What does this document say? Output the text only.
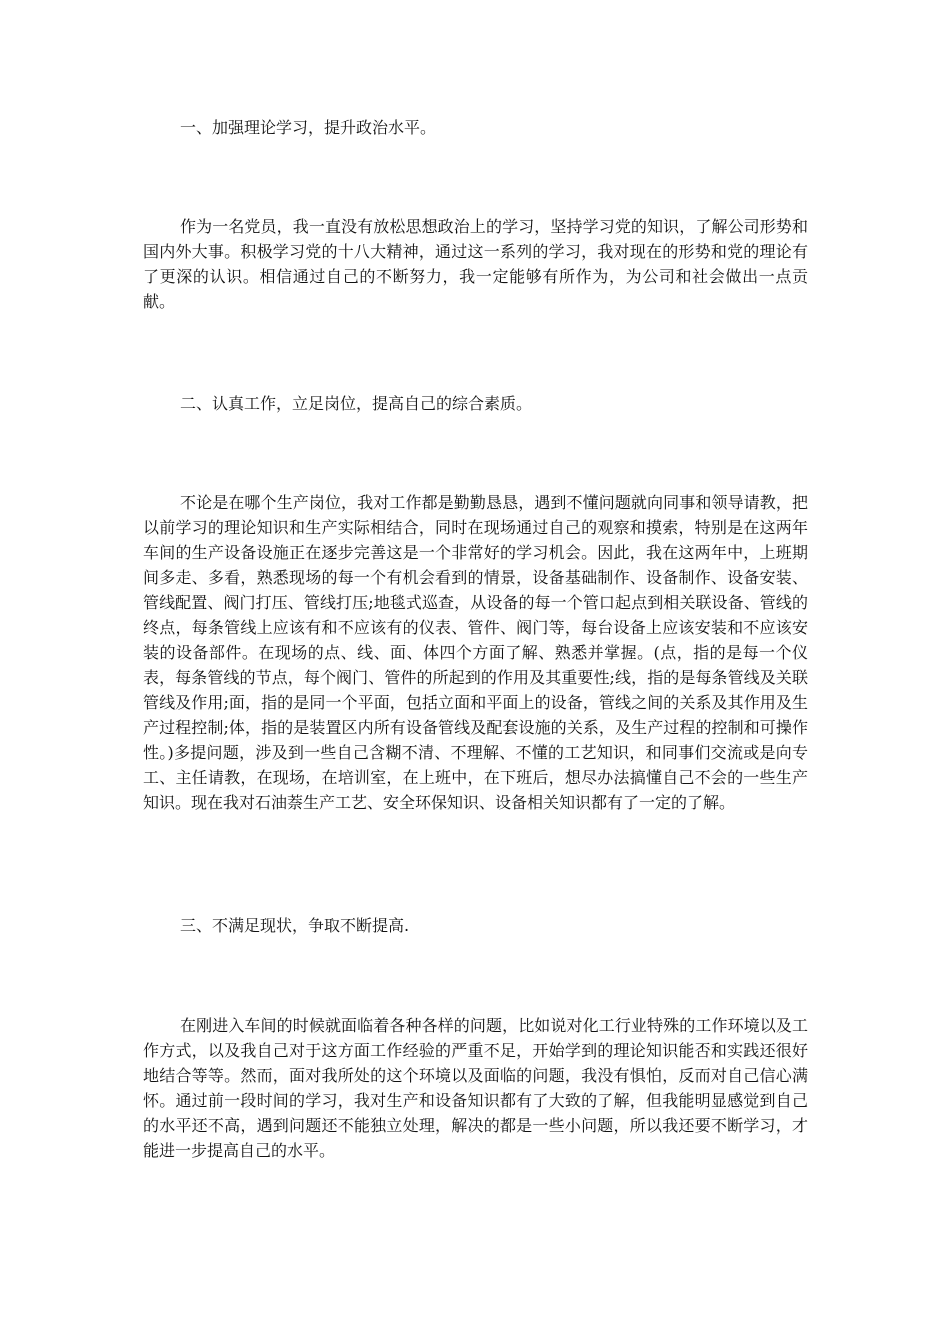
一、加强理论学习，提升政治水平。
作为一名党员，我一直没有放松思想政治上的学习，坚持学习党的知识，了解公司形势和国内外大事。积极学习党的十八大精神，通过这一系列的学习，我对现在的形势和党的理论有了更深的认识。相信通过自己的不断努力，我一定能够有所作为，为公司和社会做出一点贡献。
二、认真工作，立足岗位，提高自己的综合素质。
不论是在哪个生产岗位，我对工作都是勤勤恳恳，遇到不懂问题就向同事和领导请教，把以前学习的理论知识和生产实际相结合，同时在现场通过自己的观察和摸索，特别是在这两年车间的生产设备设施正在逐步完善这是一个非常好的学习机会。因此，我在这两年中，上班期间多走、多看，熟悉现场的每一个有机会看到的情景，设备基础制作、设备制作、设备安装、管线配置、阀门打压、管线打压;地毯式巡查，从设备的每一个管口起点到相关联设备、管线的终点，每条管线上应该有和不应该有的仪表、管件、阀门等，每台设备上应该安装和不应该安装的设备部件。在现场的点、线、面、体四个方面了解、熟悉并掌握。(点，指的是每一个仪表，每条管线的节点，每个阀门、管件的所起到的作用及其重要性;线，指的是每条管线及关联管线及作用;面，指的是同一个平面，包括立面和平面上的设备，管线之间的关系及其作用及生产过程控制;体，指的是装置区内所有设备管线及配套设施的关系，及生产过程的控制和可操作性。)多提问题，涉及到一些自己含糊不清、不理解、不懂的工艺知识，和同事们交流或是向专工、主任请教，在现场，在培训室，在上班中，在下班后，想尽办法搞懂自己不会的一些生产知识。现在我对石油萘生产工艺、安全环保知识、设备相关知识都有了一定的了解。
三、不满足现状，争取不断提高.
在刚进入车间的时候就面临着各种各样的问题，比如说对化工行业特殊的工作环境以及工作方式，以及我自己对于这方面工作经验的严重不足，开始学到的理论知识能否和实践还很好地结合等等。然而，面对我所处的这个环境以及面临的问题，我没有惧怕，反而对自己信心满怀。通过前一段时间的学习，我对生产和设备知识都有了大致的了解，但我能明显感觉到自己的水平还不高，遇到问题还不能独立处理，解决的都是一些小问题，所以我还要不断学习，才能进一步提高自己的水平。
